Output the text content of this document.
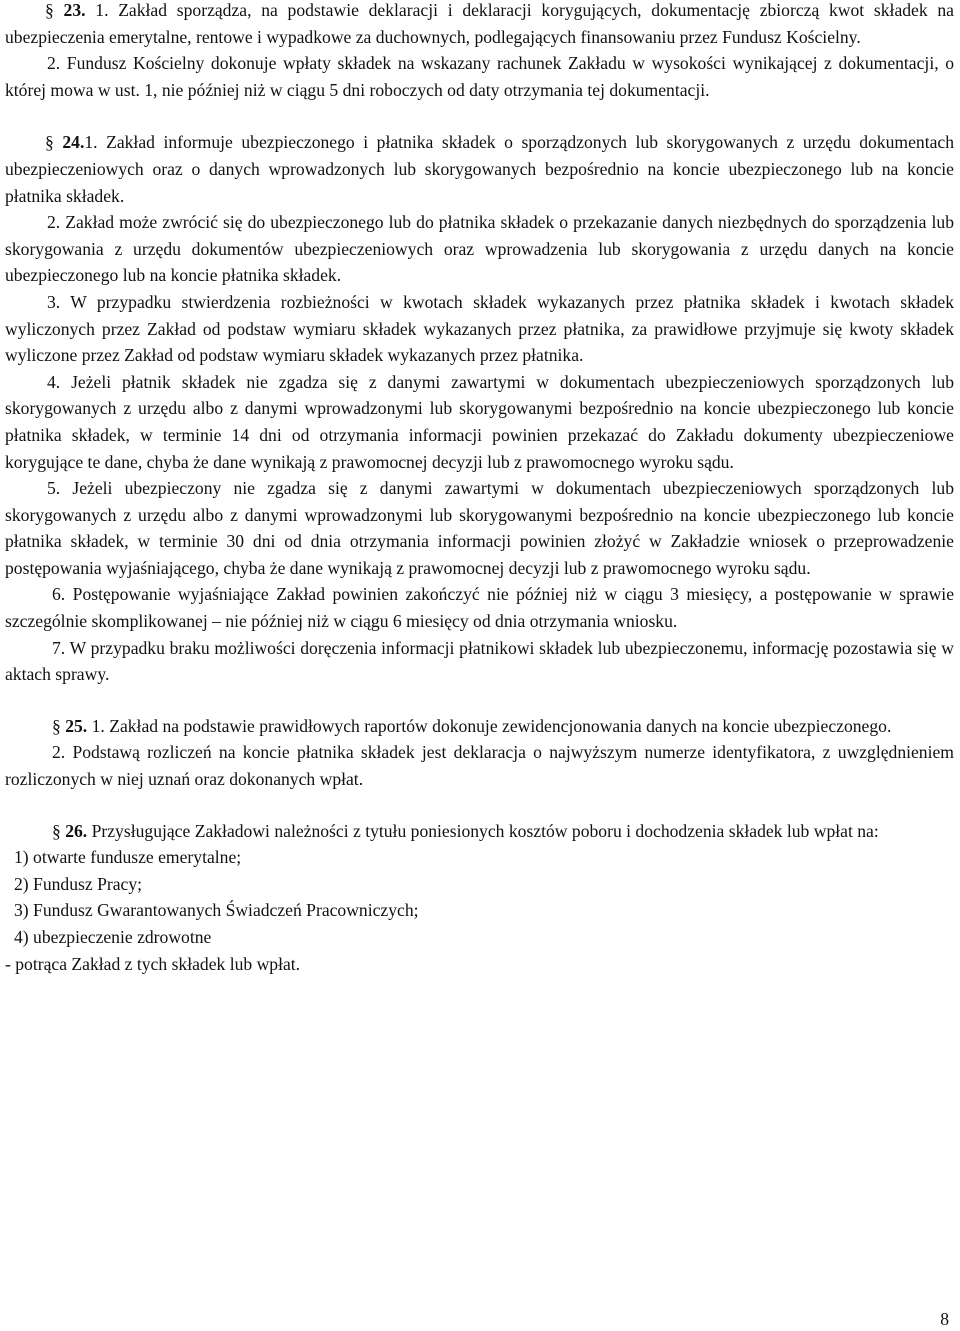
§ 23. 1. Zakład sporządza, na podstawie deklaracji i deklaracji korygujących, dokumentację zbiorczą kwot składek na ubezpieczenia emerytalne, rentowe i wypadkowe za duchownych, podlegających finansowaniu przez Fundusz Kościelny.

2. Fundusz Kościelny dokonuje wpłaty składek na wskazany rachunek Zakładu w wysokości wynikającej z dokumentacji, o której mowa w ust. 1, nie później niż w ciągu 5 dni roboczych od daty otrzymania tej dokumentacji.

§ 24.1. Zakład informuje ubezpieczonego i płatnika składek o sporządzonych lub skorygowanych z urzędu dokumentach ubezpieczeniowych oraz o danych wprowadzonych lub skorygowanych bezpośrednio na koncie ubezpieczonego lub na koncie płatnika składek.

2. Zakład może zwrócić się do ubezpieczonego lub do płatnika składek o przekazanie danych niezbędnych do sporządzenia lub skorygowania z urzędu dokumentów ubezpieczeniowych oraz wprowadzenia lub skorygowania z urzędu danych na koncie ubezpieczonego lub na koncie płatnika składek.

3. W przypadku stwierdzenia rozbieżności w kwotach składek wykazanych przez płatnika składek i kwotach składek wyliczonych przez Zakład od podstaw wymiaru składek wykazanych przez płatnika, za prawidłowe przyjmuje się kwoty składek wyliczone przez Zakład od podstaw wymiaru składek wykazanych przez płatnika.

4. Jeżeli płatnik składek nie zgadza się z danymi zawartymi w dokumentach ubezpieczeniowych sporządzonych lub skorygowanych z urzędu albo z danymi wprowadzonymi lub skorygowanymi bezpośrednio na koncie ubezpieczonego lub koncie płatnika składek, w terminie 14 dni od otrzymania informacji powinien przekazać do Zakładu dokumenty ubezpieczeniowe korygujące te dane, chyba że dane wynikają z prawomocnej decyzji lub z prawomocnego wyroku sądu.

5. Jeżeli ubezpieczony nie zgadza się z danymi zawartymi w dokumentach ubezpieczeniowych sporządzonych lub skorygowanych z urzędu albo z danymi wprowadzonymi lub skorygowanymi bezpośrednio na koncie ubezpieczonego lub koncie płatnika składek, w terminie 30 dni od dnia otrzymania informacji powinien złożyć w Zakładzie wniosek o przeprowadzenie postępowania wyjaśniającego, chyba że dane wynikają z prawomocnej decyzji lub z prawomocnego wyroku sądu.

6. Postępowanie wyjaśniające Zakład powinien zakończyć nie później niż w ciągu 3 miesięcy, a postępowanie w sprawie szczególnie skomplikowanej – nie później niż w ciągu 6 miesięcy od dnia otrzymania wniosku.

7. W przypadku braku możliwości doręczenia informacji płatnikowi składek lub ubezpieczonemu, informację pozostawia się w aktach sprawy.

§ 25. 1. Zakład na podstawie prawidłowych raportów dokonuje zewidencjonowania danych na koncie ubezpieczonego.

2. Podstawą rozliczeń na koncie płatnika składek jest deklaracja o najwyższym numerze identyfikatora, z uwzględnieniem rozliczonych w niej uznań oraz dokonanych wpłat.

§ 26. Przysługujące Zakładowi należności z tytułu poniesionych kosztów poboru i dochodzenia składek lub wpłat na:

1) otwarte fundusze emerytalne;
2) Fundusz Pracy;
3) Fundusz Gwarantowanych Świadczeń Pracowniczych;
4) ubezpieczenie zdrowotne

- potrąca Zakład z tych składek lub wpłat.

8
